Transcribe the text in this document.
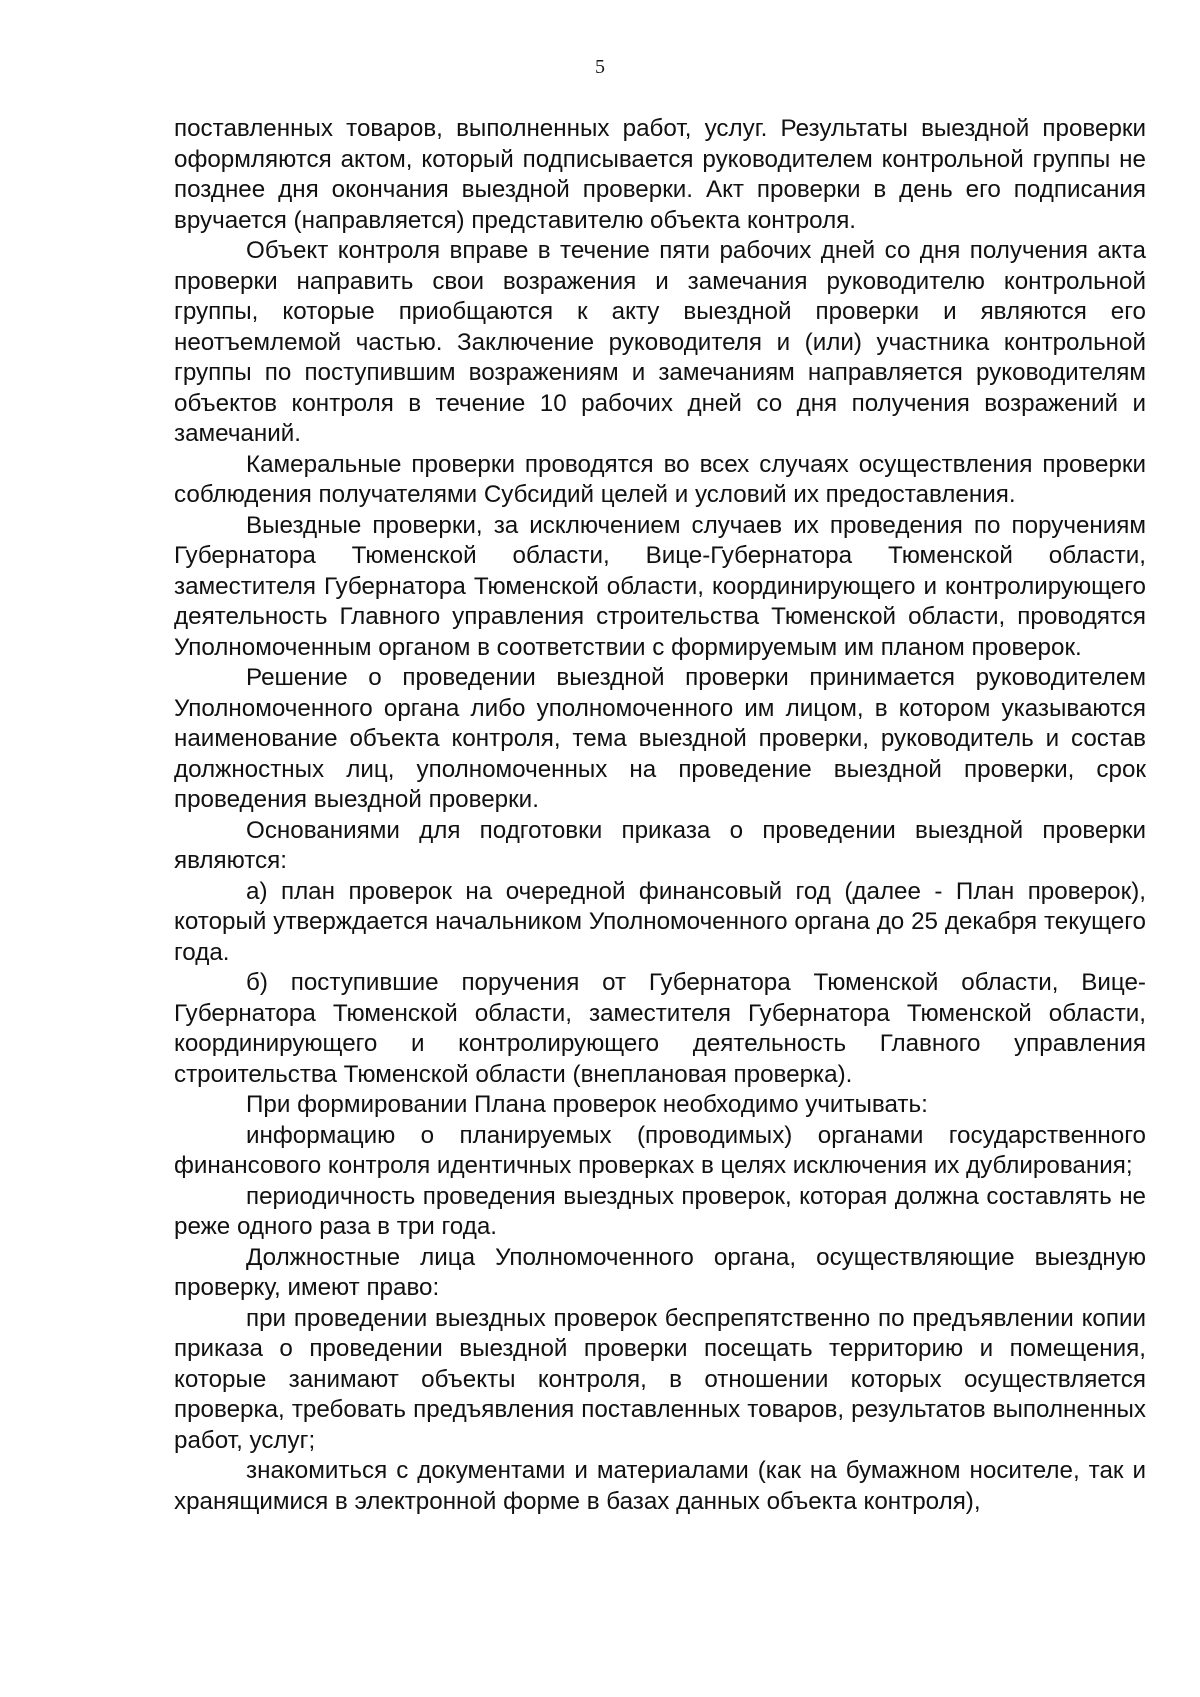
5

поставленных товаров, выполненных работ, услуг. Результаты выездной проверки оформляются актом, который подписывается руководителем контрольной группы не позднее дня окончания выездной проверки. Акт проверки в день его подписания вручается (направляется) представителю объекта контроля.

Объект контроля вправе в течение пяти рабочих дней со дня получения акта проверки направить свои возражения и замечания руководителю контрольной группы, которые приобщаются к акту выездной проверки и являются его неотъемлемой частью. Заключение руководителя и (или) участника контрольной группы по поступившим возражениям и замечаниям направляется руководителям объектов контроля в течение 10 рабочих дней со дня получения возражений и замечаний.

Камеральные проверки проводятся во всех случаях осуществления проверки соблюдения получателями Субсидий целей и условий их предоставления.

Выездные проверки, за исключением случаев их проведения по поручениям Губернатора Тюменской области, Вице-Губернатора Тюменской области, заместителя Губернатора Тюменской области, координирующего и контролирующего деятельность Главного управления строительства Тюменской области, проводятся Уполномоченным органом в соответствии с формируемым им планом проверок.

Решение о проведении выездной проверки принимается руководителем Уполномоченного органа либо уполномоченного им лицом, в котором указываются наименование объекта контроля, тема выездной проверки, руководитель и состав должностных лиц, уполномоченных на проведение выездной проверки, срок проведения выездной проверки.

Основаниями для подготовки приказа о проведении выездной проверки являются:

а) план проверок на очередной финансовый год (далее - План проверок), который утверждается начальником Уполномоченного органа до 25 декабря текущего года.

б) поступившие поручения от Губернатора Тюменской области, Вице-Губернатора Тюменской области, заместителя Губернатора Тюменской области, координирующего и контролирующего деятельность Главного управления строительства Тюменской области (внеплановая проверка).

При формировании Плана проверок необходимо учитывать:

информацию о планируемых (проводимых) органами государственного финансового контроля идентичных проверках в целях исключения их дублирования;

периодичность проведения выездных проверок, которая должна составлять не реже одного раза в три года.

Должностные лица Уполномоченного органа, осуществляющие выездную проверку, имеют право:

при проведении выездных проверок беспрепятственно по предъявлении копии приказа о проведении выездной проверки посещать территорию и помещения, которые занимают объекты контроля, в отношении которых осуществляется проверка, требовать предъявления поставленных товаров, результатов выполненных работ, услуг;

знакомиться с документами и материалами (как на бумажном носителе, так и хранящимися в электронной форме в базах данных объекта контроля),
